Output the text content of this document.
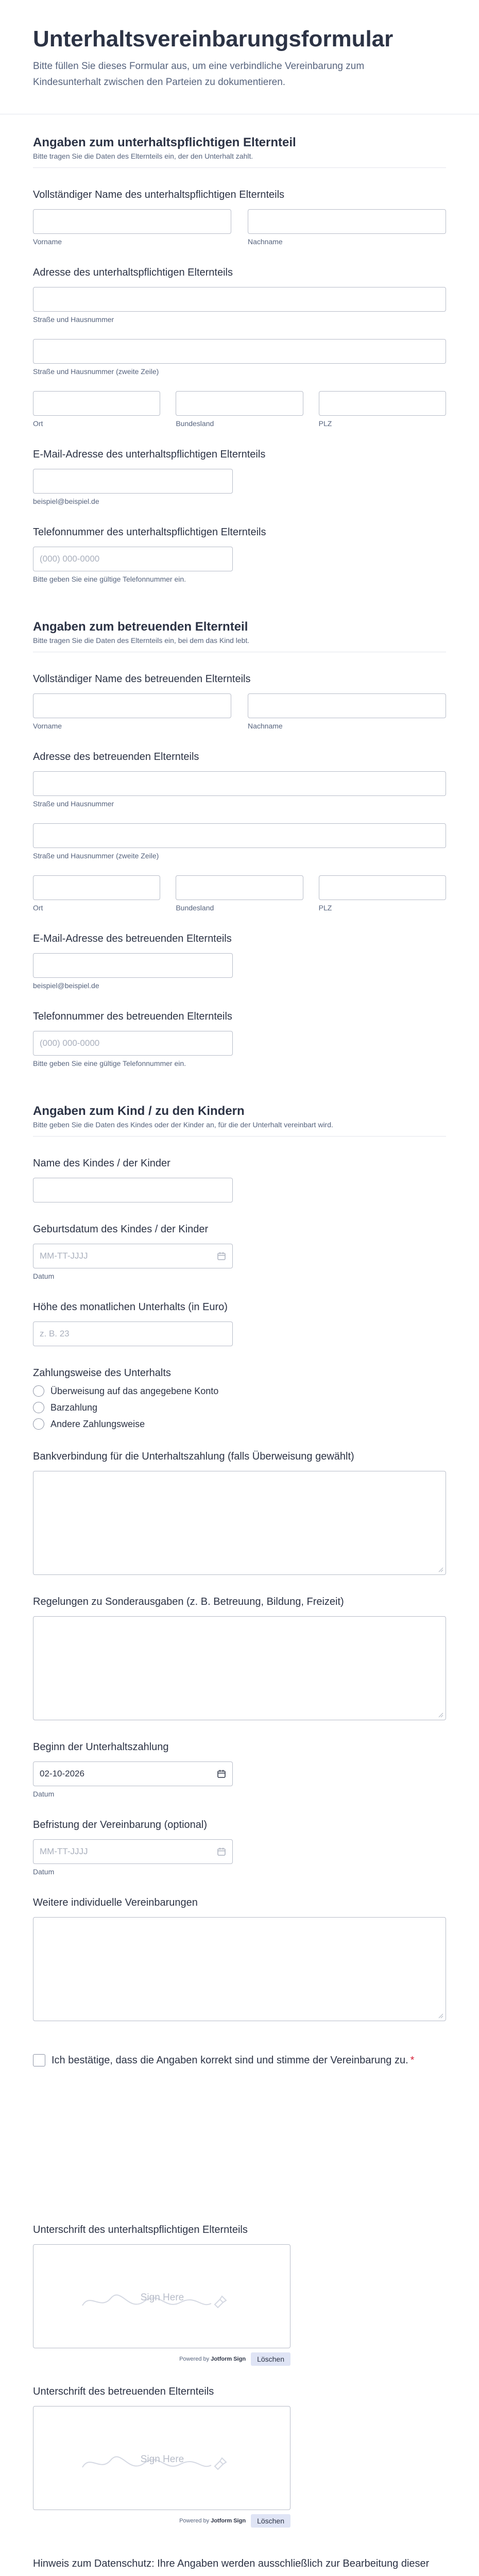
Unterhaltsvereinbarungsformular
Bitte füllen Sie dieses Formular aus, um eine verbindliche Vereinbarung zum Kindesunterhalt zwischen den Parteien zu dokumentieren.
Angaben zum unterhaltspflichtigen Elternteil
Bitte tragen Sie die Daten des Elternteils ein, der den Unterhalt zahlt.
Vollständiger Name des unterhaltspflichtigen Elternteils
Vorname	Nachname
Adresse des unterhaltspflichtigen Elternteils
Straße und Hausnummer
Straße und Hausnummer (zweite Zeile)
Ort	Bundesland	PLZ
E-Mail-Adresse des unterhaltspflichtigen Elternteils
beispiel@beispiel.de
Telefonnummer des unterhaltspflichtigen Elternteils
(000) 000-0000
Bitte geben Sie eine gültige Telefonnummer ein.
Angaben zum betreuenden Elternteil
Bitte tragen Sie die Daten des Elternteils ein, bei dem das Kind lebt.
Vollständiger Name des betreuenden Elternteils
Vorname	Nachname
Adresse des betreuenden Elternteils
Straße und Hausnummer
Straße und Hausnummer (zweite Zeile)
Ort	Bundesland	PLZ
E-Mail-Adresse des betreuenden Elternteils
beispiel@beispiel.de
Telefonnummer des betreuenden Elternteils
(000) 000-0000
Bitte geben Sie eine gültige Telefonnummer ein.
Angaben zum Kind / zu den Kindern
Bitte geben Sie die Daten des Kindes oder der Kinder an, für die der Unterhalt vereinbart wird.
Name des Kindes / der Kinder
Geburtsdatum des Kindes / der Kinder
MM-TT-JJJJ
Datum
Höhe des monatlichen Unterhalts (in Euro)
z. B. 23
Zahlungsweise des Unterhalts
Überweisung auf das angegebene Konto
Barzahlung
Andere Zahlungsweise
Bankverbindung für die Unterhaltszahlung (falls Überweisung gewählt)
Regelungen zu Sonderausgaben (z. B. Betreuung, Bildung, Freizeit)
Beginn der Unterhaltszahlung
02-10-2026
Datum
Befristung der Vereinbarung (optional)
MM-TT-JJJJ
Datum
Weitere individuelle Vereinbarungen
Ich bestätige, dass die Angaben korrekt sind und stimme der Vereinbarung zu. *
Unterschrift des unterhaltspflichtigen Elternteils
Sign Here
Powered by Jotform Sign	Löschen
Unterschrift des betreuenden Elternteils
Sign Here
Powered by Jotform Sign	Löschen
Hinweis zum Datenschutz: Ihre Angaben werden ausschließlich zur Bearbeitung dieser
